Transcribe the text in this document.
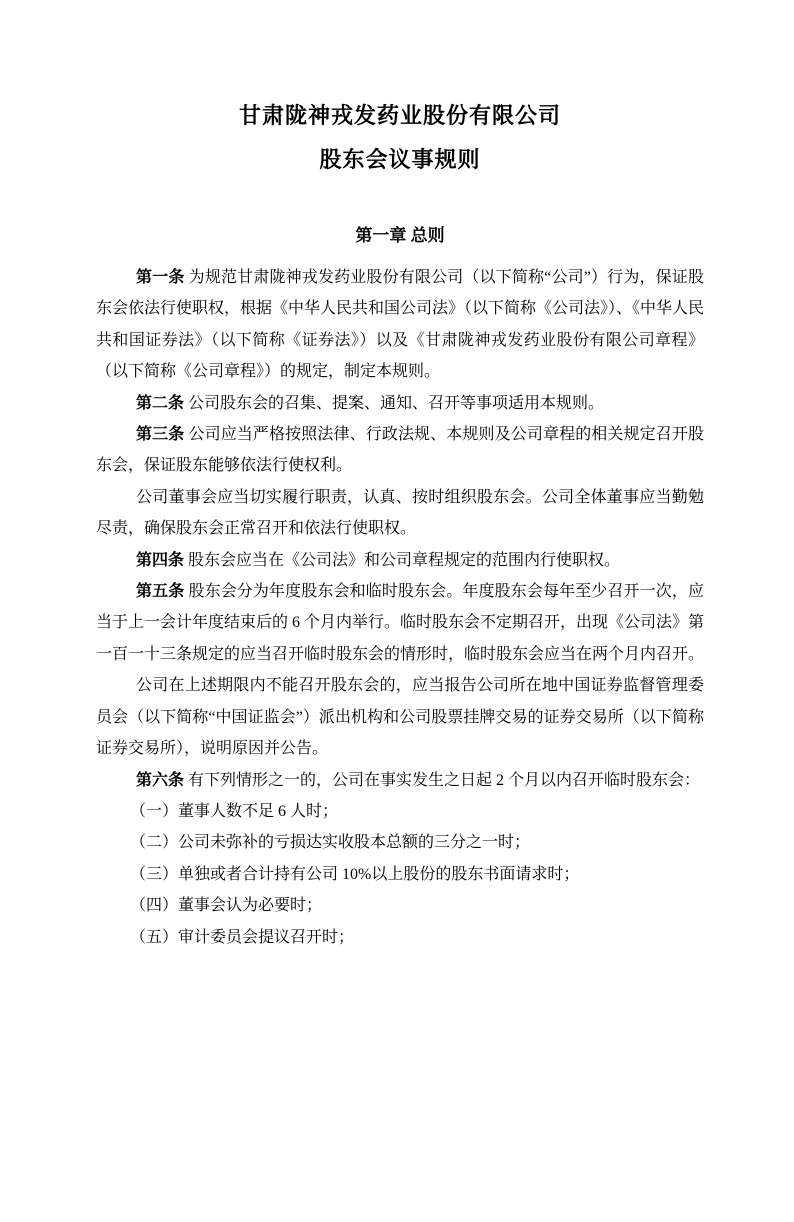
甘肃陇神戎发药业股份有限公司
股东会议事规则
第一章 总则

第一条 为规范甘肃陇神戎发药业股份有限公司（以下简称“公司”）行为，保证股东会依法行使职权，根据《中华人民共和国公司法》（以下简称《公司法》）、《中华人民共和国证券法》（以下简称《证券法》）以及《甘肃陇神戎发药业股份有限公司章程》（以下简称《公司章程》）的规定，制定本规则。

第二条 公司股东会的召集、提案、通知、召开等事项适用本规则。

第三条 公司应当严格按照法律、行政法规、本规则及公司章程的相关规定召开股东会，保证股东能够依法行使权利。

公司董事会应当切实履行职责，认真、按时组织股东会。公司全体董事应当勤勉尽责，确保股东会正常召开和依法行使职权。

第四条 股东会应当在《公司法》和公司章程规定的范围内行使职权。

第五条 股东会分为年度股东会和临时股东会。年度股东会每年至少召开一次，应当于上一会计年度结束后的 6 个月内举行。临时股东会不定期召开，出现《公司法》第一百一十三条规定的应当召开临时股东会的情形时，临时股东会应当在两个月内召开。

公司在上述期限内不能召开股东会的，应当报告公司所在地中国证券监督管理委员会（以下简称“中国证监会”）派出机构和公司股票挂牌交易的证券交易所（以下简称证券交易所），说明原因并公告。

第六条 有下列情形之一的，公司在事实发生之日起 2 个月以内召开临时股东会：

（一）董事人数不足 6 人时；

（二）公司未弥补的亏损达实收股本总额的三分之一时；

（三）单独或者合计持有公司 10%以上股份的股东书面请求时；

（四）董事会认为必要时；

（五）审计委员会提议召开时；
